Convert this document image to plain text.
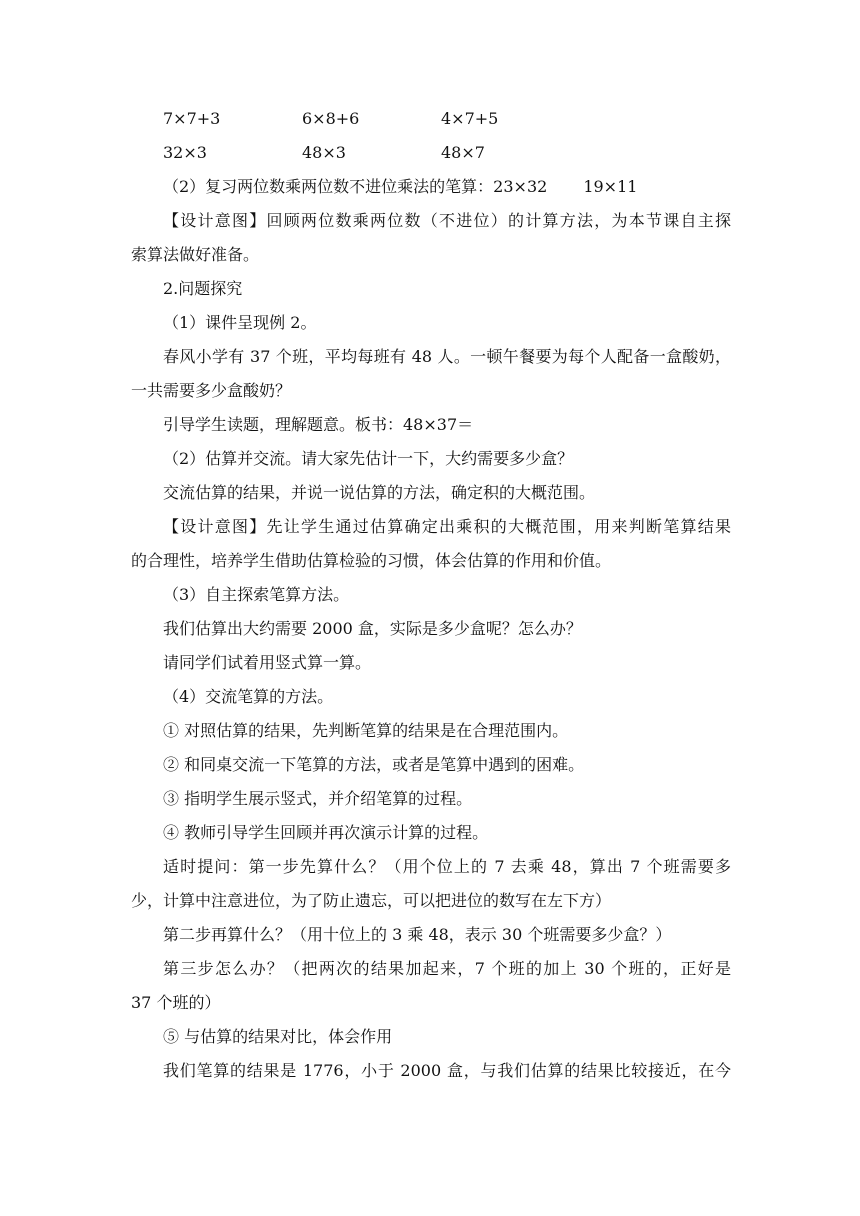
7×7+3	6×8+6	4×7+5
32×3	48×3	48×7
（2）复习两位数乘两位数不进位乘法的笔算：23×32 19×11
【设计意图】回顾两位数乘两位数（不进位）的计算方法，为本节课自主探
索算法做好准备。
2.问题探究
（1）课件呈现例 2。
春风小学有 37 个班，平均每班有 48 人。一顿午餐要为每个人配备一盒酸奶，
一共需要多少盒酸奶？
引导学生读题，理解题意。板书：48×37＝
（2）估算并交流。请大家先估计一下，大约需要多少盒？
交流估算的结果，并说一说估算的方法，确定积的大概范围。
【设计意图】先让学生通过估算确定出乘积的大概范围，用来判断笔算结果
的合理性，培养学生借助估算检验的习惯，体会估算的作用和价值。
（3）自主探索笔算方法。
我们估算出大约需要 2000 盒，实际是多少盒呢？怎么办？
请同学们试着用竖式算一算。
（4）交流笔算的方法。
① 对照估算的结果，先判断笔算的结果是在合理范围内。
② 和同桌交流一下笔算的方法，或者是笔算中遇到的困难。
③ 指明学生展示竖式，并介绍笔算的过程。
④ 教师引导学生回顾并再次演示计算的过程。
适时提问：第一步先算什么？（用个位上的 7 去乘 48，算出 7 个班需要多
少，计算中注意进位，为了防止遗忘，可以把进位的数写在左下方）
第二步再算什么？（用十位上的 3 乘 48，表示 30 个班需要多少盒？）
第三步怎么办？（把两次的结果加起来，7 个班的加上 30 个班的，正好是
37 个班的）
⑤ 与估算的结果对比，体会作用
我们笔算的结果是 1776，小于 2000 盒，与我们估算的结果比较接近，在今
